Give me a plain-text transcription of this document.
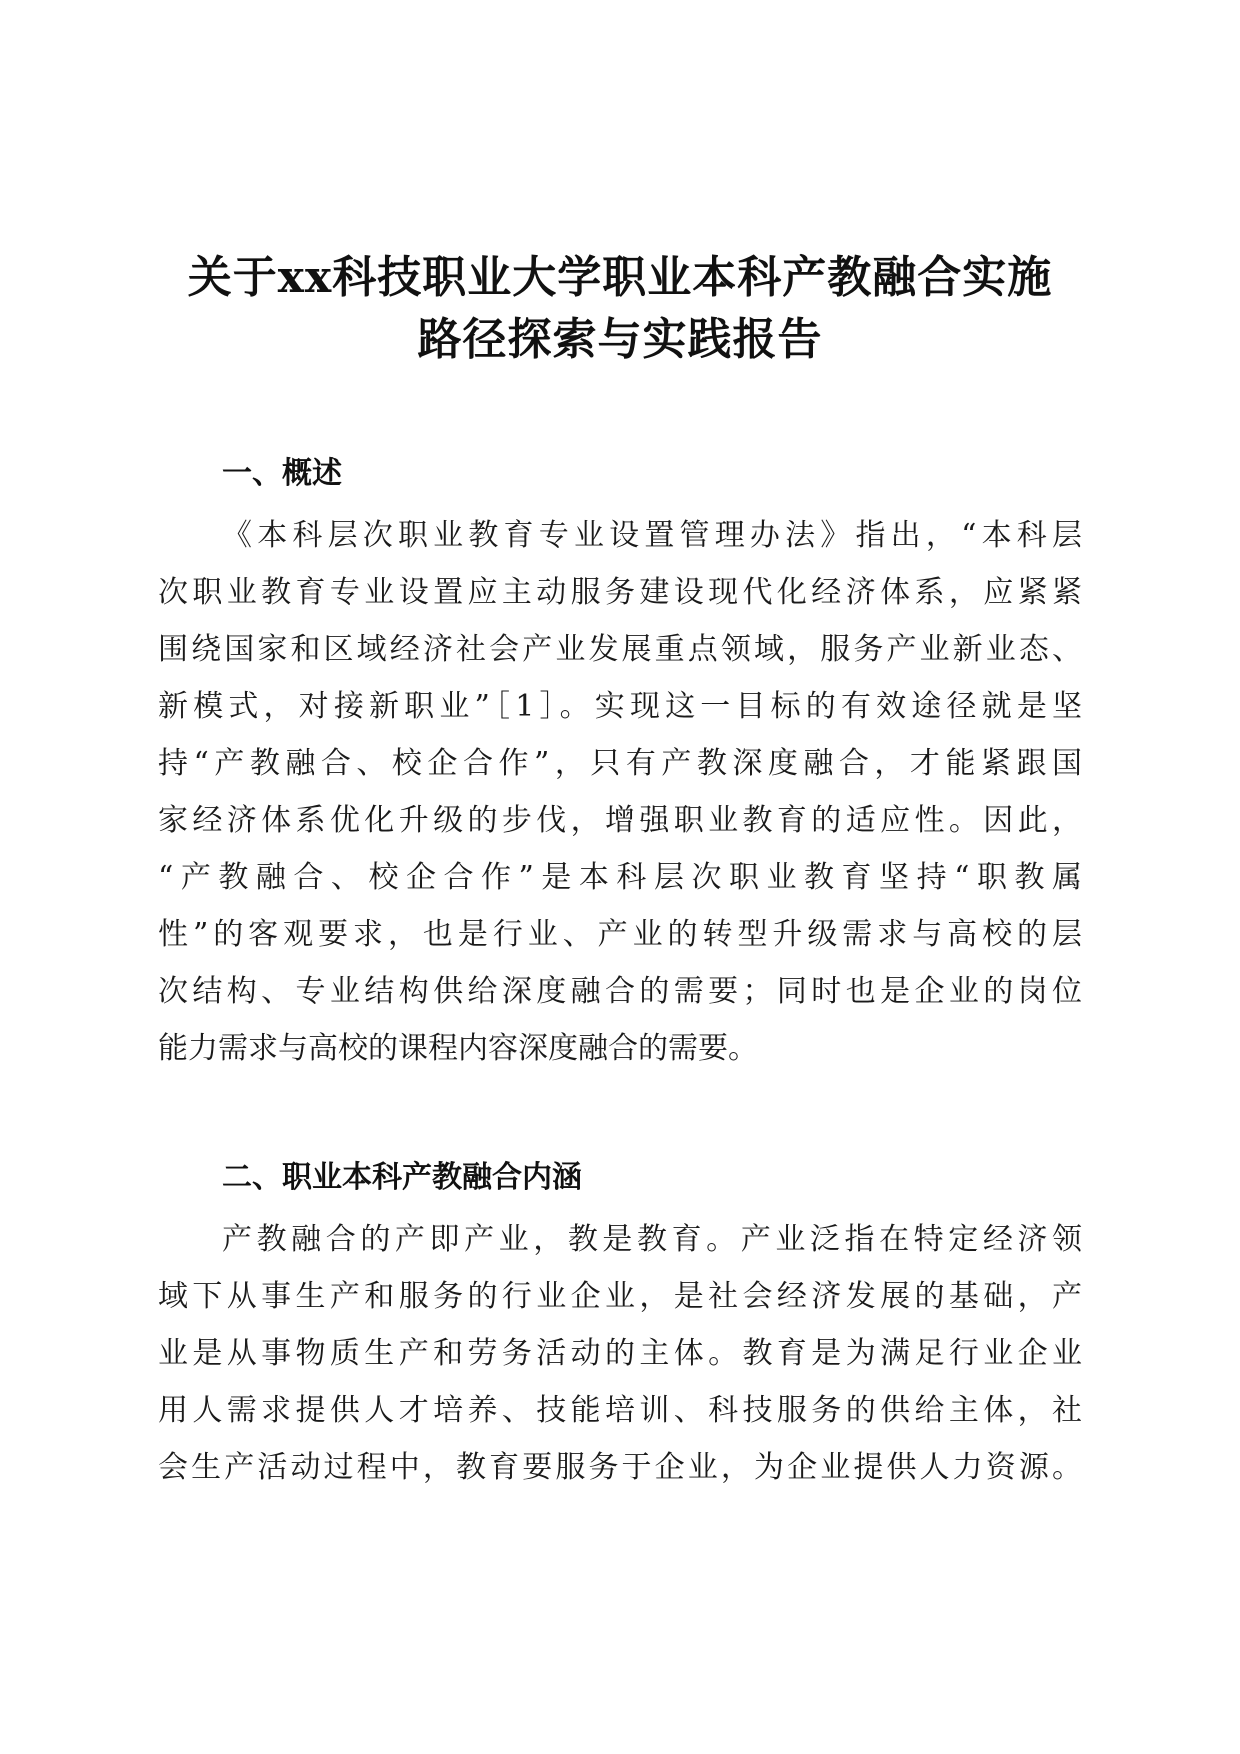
关于xx科技职业大学职业本科产教融合实施
路径探索与实践报告
一、概述
《本科层次职业教育专业设置管理办法》指出，“本科层
次职业教育专业设置应主动服务建设现代化经济体系，应紧紧
围绕国家和区域经济社会产业发展重点领域，服务产业新业态、
新模式，对接新职业”［1］。实现这一目标的有效途径就是坚
持“产教融合、校企合作”，只有产教深度融合，才能紧跟国
家经济体系优化升级的步伐，增强职业教育的适应性。因此，
“产教融合、校企合作”是本科层次职业教育坚持“职教属
性”的客观要求，也是行业、产业的转型升级需求与高校的层
次结构、专业结构供给深度融合的需要；同时也是企业的岗位
能力需求与高校的课程内容深度融合的需要。
二、职业本科产教融合内涵
产教融合的产即产业，教是教育。产业泛指在特定经济领
域下从事生产和服务的行业企业，是社会经济发展的基础，产
业是从事物质生产和劳务活动的主体。教育是为满足行业企业
用人需求提供人才培养、技能培训、科技服务的供给主体，社
会生产活动过程中，教育要服务于企业，为企业提供人力资源。
